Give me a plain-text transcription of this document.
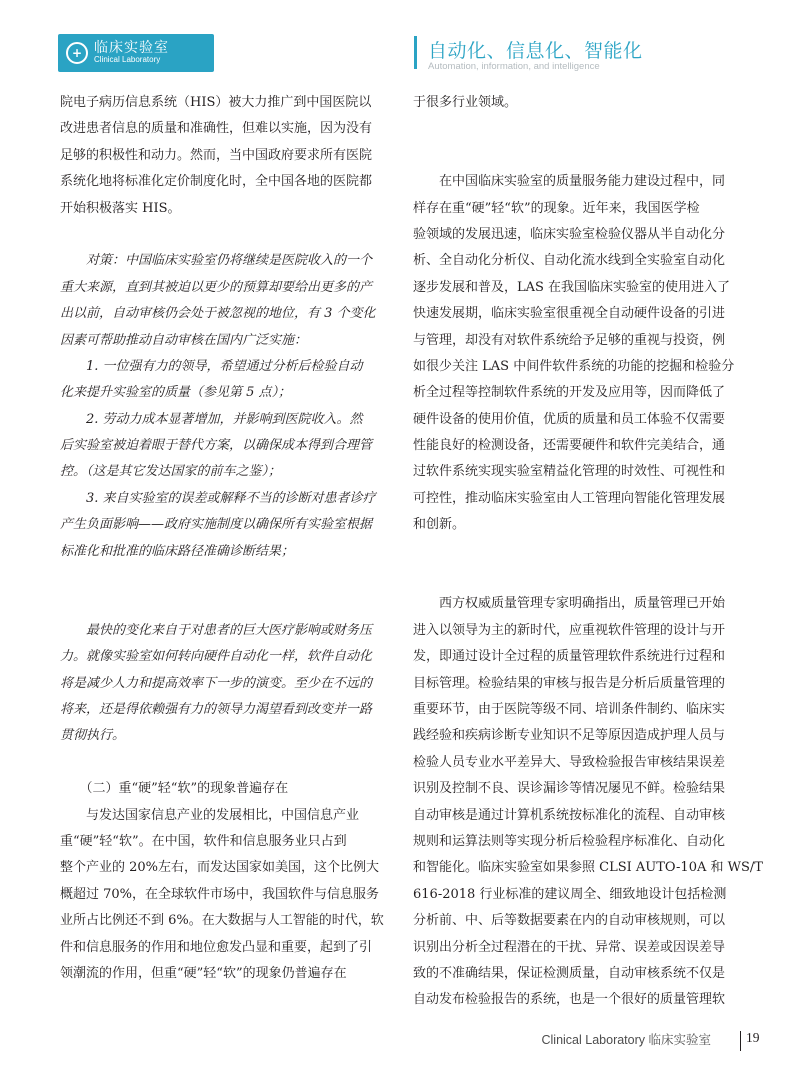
+ 临床实验室
Clinical Laboratory	自动化、信息化、智能化
Automation, information, and intelligence
院电子病历信息系统（HIS）被大力推广到中国医院以
改进患者信息的质量和准确性，但难以实施，因为没有
足够的积极性和动力。然而，当中国政府要求所有医院
系统化地将标准化定价制度化时，全中国各地的医院都
开始积极落实 HIS。
　　对策：中国临床实验室仍将继续是医院收入的一个
重大来源，直到其被迫以更少的预算却要给出更多的产
出以前，自动审核仍会处于被忽视的地位，有 3 个变化
因素可帮助推动自动审核在国内广泛实施：
　　1. 一位强有力的领导，希望通过分析后检验自动
化来提升实验室的质量（参见第 5 点）；
　　2. 劳动力成本显著增加，并影响到医院收入。然
后实验室被迫着眼于替代方案，以确保成本得到合理管
控。（这是其它发达国家的前车之鉴）；
　　3. 来自实验室的误差或解释不当的诊断对患者诊疗
产生负面影响——政府实施制度以确保所有实验室根据
标准化和批准的临床路径准确诊断结果；
　　最快的变化来自于对患者的巨大医疗影响或财务压
力。就像实验室如何转向硬件自动化一样，软件自动化
将是减少人力和提高效率下一步的演变。至少在不远的
将来，还是得依赖强有力的领导力渴望看到改变并一路
贯彻执行。
　　（二）重“硬”轻“软”的现象普遍存在
　　与发达国家信息产业的发展相比，中国信息产业
重“硬”轻“软”。在中国，软件和信息服务业只占到
整个产业的 20%左右，而发达国家如美国，这个比例大
概超过 70%，在全球软件市场中，我国软件与信息服务
业所占比例还不到 6%。在大数据与人工智能的时代，软
件和信息服务的作用和地位愈发凸显和重要，起到了引
领潮流的作用，但重“硬”轻“软”的现象仍普遍存在
于很多行业领域。
　　在中国临床实验室的质量服务能力建设过程中，同
样存在重“硬”轻“软”的现象。近年来，我国医学检
验领域的发展迅速，临床实验室检验仪器从半自动化分
析、全自动化分析仪、自动化流水线到全实验室自动化
逐步发展和普及，LAS 在我国临床实验室的使用进入了
快速发展期，临床实验室很重视全自动硬件设备的引进
与管理，却没有对软件系统给予足够的重视与投资，例
如很少关注 LAS 中间件软件系统的功能的挖掘和检验分
析全过程等控制软件系统的开发及应用等，因而降低了
硬件设备的使用价值，优质的质量和员工体验不仅需要
性能良好的检测设备，还需要硬件和软件完美结合，通
过软件系统实现实验室精益化管理的时效性、可视性和
可控性，推动临床实验室由人工管理向智能化管理发展
和创新。
　　西方权威质量管理专家明确指出，质量管理已开始
进入以领导为主的新时代，应重视软件管理的设计与开
发，即通过设计全过程的质量管理软件系统进行过程和
目标管理。检验结果的审核与报告是分析后质量管理的
重要环节，由于医院等级不同、培训条件制约、临床实
践经验和疾病诊断专业知识不足等原因造成护理人员与
检验人员专业水平差异大、导致检验报告审核结果误差
识别及控制不良、误诊漏诊等情况屡见不鲜。检验结果
自动审核是通过计算机系统按标准化的流程、自动审核
规则和运算法则等实现分析后检验程序标准化、自动化
和智能化。临床实验室如果参照 CLSI AUTO-10A 和 WS/T
616-2018 行业标准的建议周全、细致地设计包括检测
分析前、中、后等数据要素在内的自动审核规则，可以
识别出分析全过程潜在的干扰、异常、误差或因误差导
致的不准确结果，保证检测质量，自动审核系统不仅是
自动发布检验报告的系统，也是一个很好的质量管理软
Clinical Laboratory 临床实验室	19
